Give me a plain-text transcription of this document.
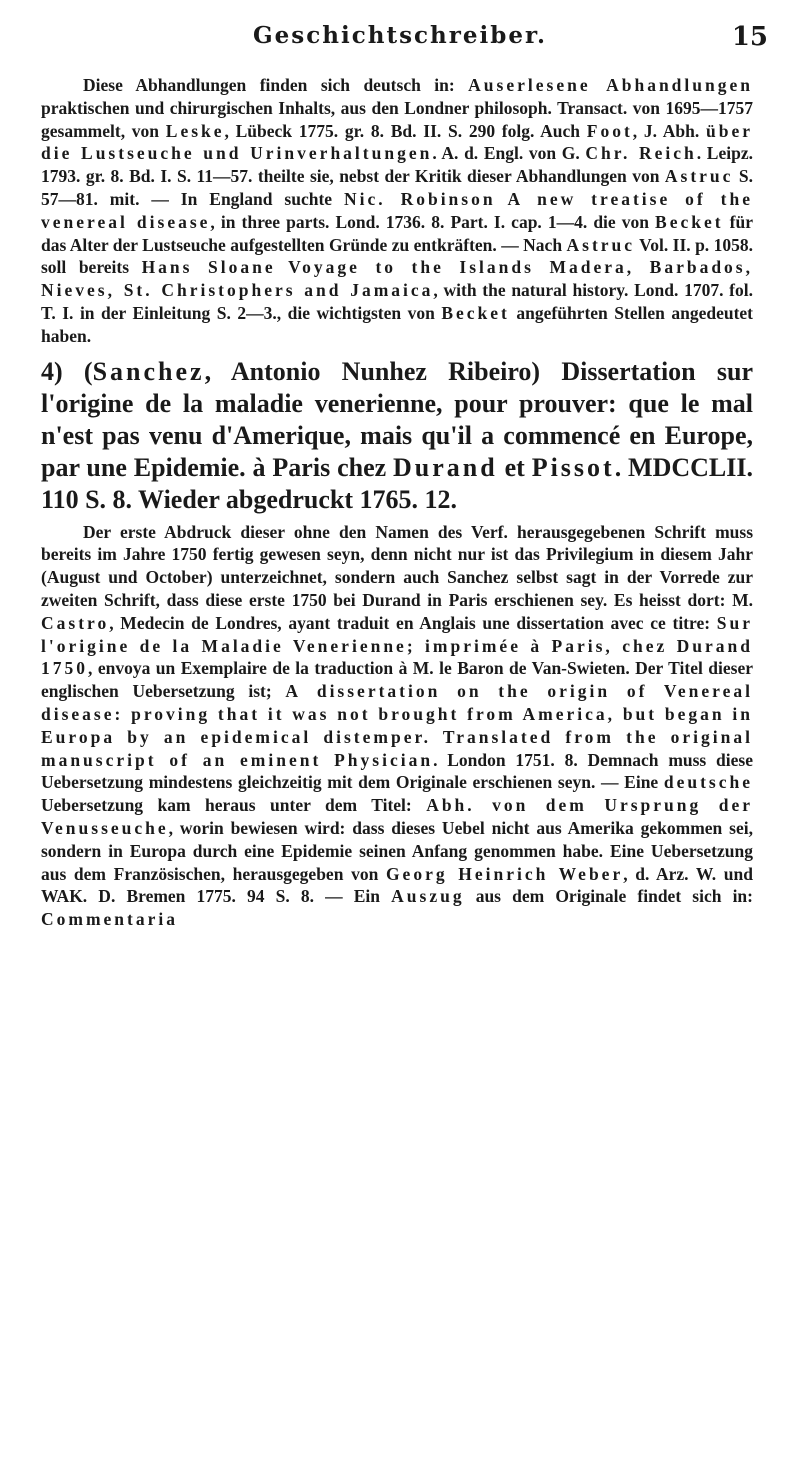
Geschichtschreiber.	15

Diese Abhandlungen finden sich deutsch in: Auserlesene Abhandlungen praktischen und chirurgischen Inhalts, aus den Londner philosoph. Transact. von 1695—1757 gesammelt, von Leske, Lübeck 1775. gr. 8. Bd. II. S. 290 folg. Auch Foot, J. Abh. über die Lustseuche und Urinverhaltungen. A. d. Engl. von G. Chr. Reich. Leipz. 1793. gr. 8. Bd. I. S. 11—57. theilte sie, nebst der Kritik dieser Abhandlungen von Astruc S. 57—81. mit. — In England suchte Nic. Robinson A new treatise of the venereal disease, in three parts. Lond. 1736. 8. Part. I. cap. 1—4. die von Becket für das Alter der Lustseuche aufgestellten Gründe zu entkräften. — Nach Astruc Vol. II. p. 1058. soll bereits Hans Sloane Voyage to the Islands Madera, Barbados, Nieves, St. Christophers and Jamaica, with the natural history. Lond. 1707. fol. T. I. in der Einleitung S. 2—3., die wichtigsten von Becket angeführten Stellen angedeutet haben.

4) (Sanchez, Antonio Nunhez Ribeiro) Dissertation sur l'origine de la maladie venerienne, pour prouver: que le mal n'est pas venu d'Amerique, mais qu'il a commencé en Europe, par une Epidemie. à Paris chez Durand et Pissot. MDCCLII. 110 S. 8. Wieder abgedruckt 1765. 12.

Der erste Abdruck dieser ohne den Namen des Verf. herausgegebenen Schrift muss bereits im Jahre 1750 fertig gewesen seyn, denn nicht nur ist das Privilegium in diesem Jahr (August und October) unterzeichnet, sondern auch Sanchez selbst sagt in der Vorrede zur zweiten Schrift, dass diese erste 1750 bei Durand in Paris erschienen sey. Es heisst dort: M. Castro, Medecin de Londres, ayant traduit en Anglais une dissertation avec ce titre: Sur l'origine de la Maladie Venerienne; imprimée à Paris, chez Durand 1750, envoya un Exemplaire de la traduction à M. le Baron de Van-Swieten. Der Titel dieser englischen Uebersetzung ist; A dissertation on the origin of Venereal disease: proving that it was not brought from America, but began in Europa by an epidemical distemper. Translated from the original manuscript of an eminent Physician. London 1751. 8. Demnach muss diese Uebersetzung mindestens gleichzeitig mit dem Originale erschienen seyn. — Eine deutsche Uebersetzung kam heraus unter dem Titel: Abh. von dem Ursprung der Venusseuche, worin bewiesen wird: dass dieses Uebel nicht aus Amerika gekommen sei, sondern in Europa durch eine Epidemie seinen Anfang genommen habe. Eine Uebersetzung aus dem Französischen, herausgegeben von Georg Heinrich Weber, d. Arz. W. und WAK. D. Bremen 1775. 94 S. 8. — Ein Auszug aus dem Originale findet sich in: Commentaria
